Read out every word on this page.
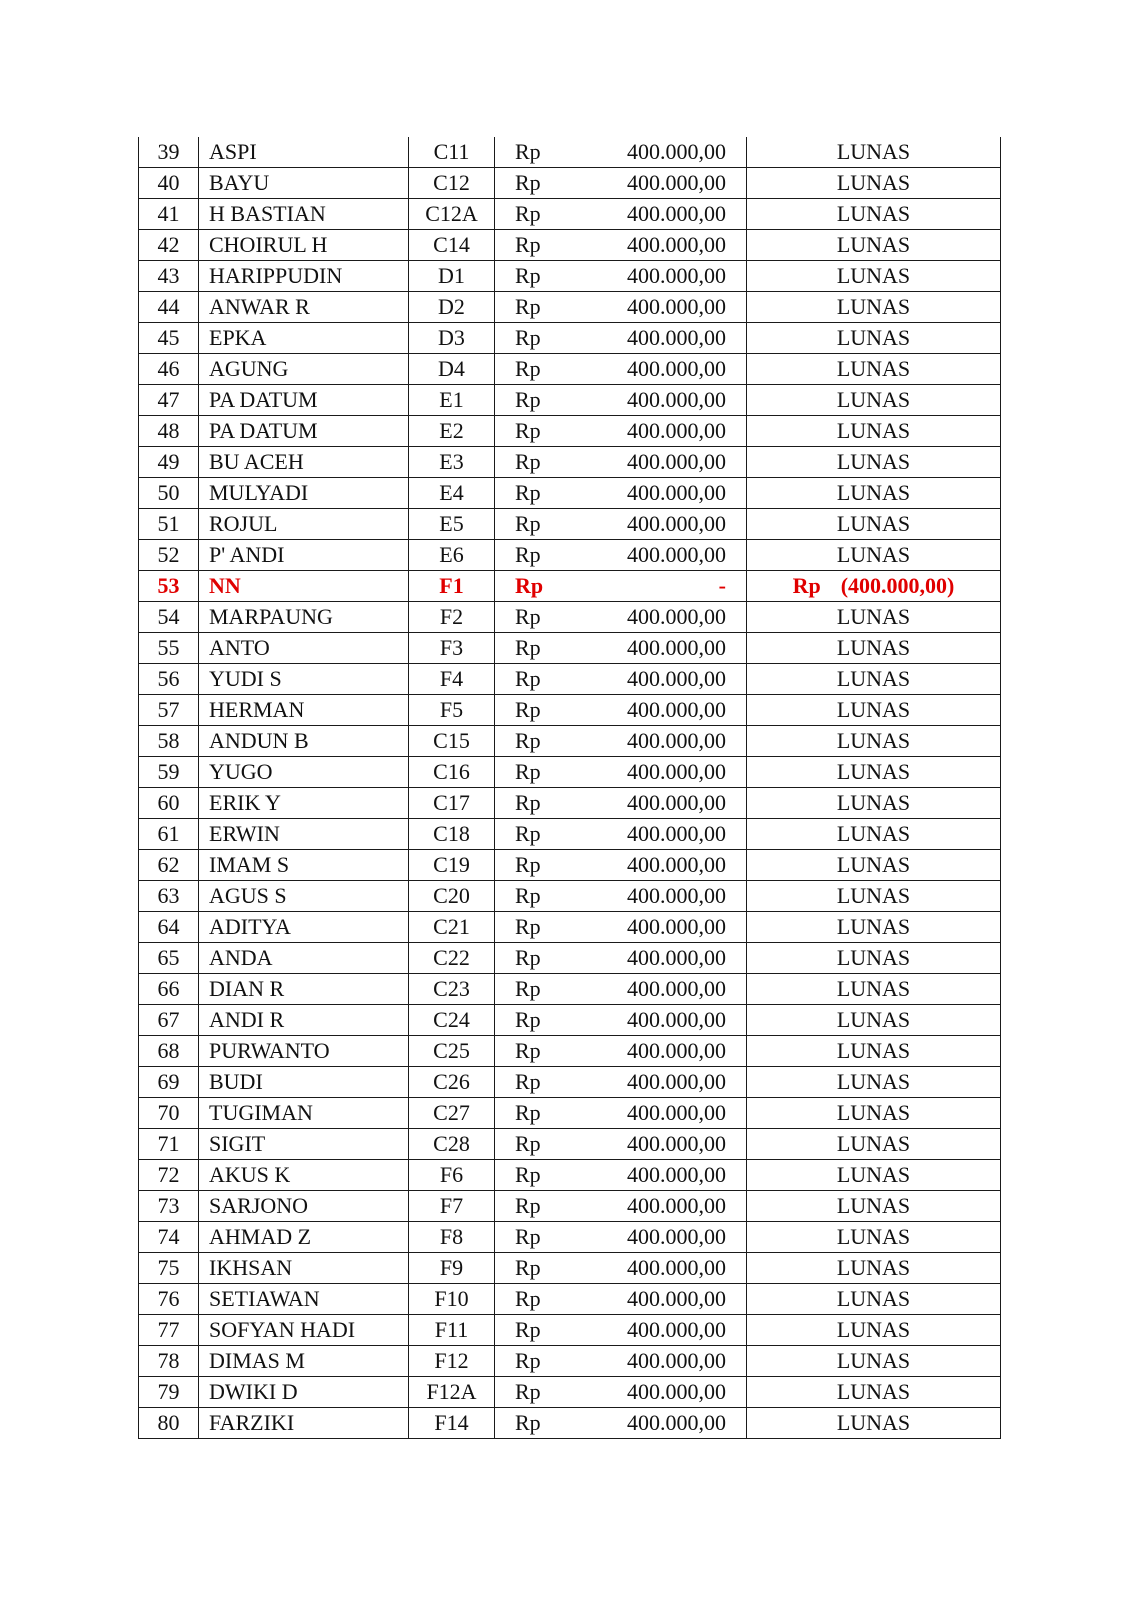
39	ASPI	C11	Rp 400.000,00	LUNAS
40	BAYU	C12	Rp 400.000,00	LUNAS
41	H BASTIAN	C12A	Rp 400.000,00	LUNAS
42	CHOIRUL H	C14	Rp 400.000,00	LUNAS
43	HARIPPUDIN	D1	Rp 400.000,00	LUNAS
44	ANWAR R	D2	Rp 400.000,00	LUNAS
45	EPKA	D3	Rp 400.000,00	LUNAS
46	AGUNG	D4	Rp 400.000,00	LUNAS
47	PA DATUM	E1	Rp 400.000,00	LUNAS
48	PA DATUM	E2	Rp 400.000,00	LUNAS
49	BU ACEH	E3	Rp 400.000,00	LUNAS
50	MULYADI	E4	Rp 400.000,00	LUNAS
51	ROJUL	E5	Rp 400.000,00	LUNAS
52	P' ANDI	E6	Rp 400.000,00	LUNAS
53	NN	F1	Rp -	Rp (400.000,00)

54	MARPAUNG	F2	Rp 400.000,00	LUNAS
55	ANTO	F3	Rp 400.000,00	LUNAS
56	YUDI S	F4	Rp 400.000,00	LUNAS
57	HERMAN	F5	Rp 400.000,00	LUNAS
58	ANDUN B	C15	Rp 400.000,00	LUNAS
59	YUGO	C16	Rp 400.000,00	LUNAS
60	ERIK Y	C17	Rp 400.000,00	LUNAS
61	ERWIN	C18	Rp 400.000,00	LUNAS
62	IMAM S	C19	Rp 400.000,00	LUNAS
63	AGUS S	C20	Rp 400.000,00	LUNAS
64	ADITYA	C21	Rp 400.000,00	LUNAS
65	ANDA	C22	Rp 400.000,00	LUNAS
66	DIAN R	C23	Rp 400.000,00	LUNAS
67	ANDI R	C24	Rp 400.000,00	LUNAS
68	PURWANTO	C25	Rp 400.000,00	LUNAS
69	BUDI	C26	Rp 400.000,00	LUNAS
70	TUGIMAN	C27	Rp 400.000,00	LUNAS
71	SIGIT	C28	Rp 400.000,00	LUNAS
72	AKUS K	F6	Rp 400.000,00	LUNAS
73	SARJONO	F7	Rp 400.000,00	LUNAS
74	AHMAD Z	F8	Rp 400.000,00	LUNAS
75	IKHSAN	F9	Rp 400.000,00	LUNAS
76	SETIAWAN	F10	Rp 400.000,00	LUNAS
77	SOFYAN HADI	F11	Rp 400.000,00	LUNAS
78	DIMAS M	F12	Rp 400.000,00	LUNAS
79	DWIKI D	F12A	Rp 400.000,00	LUNAS
80	FARZIKI	F14	Rp 400.000,00	LUNAS
